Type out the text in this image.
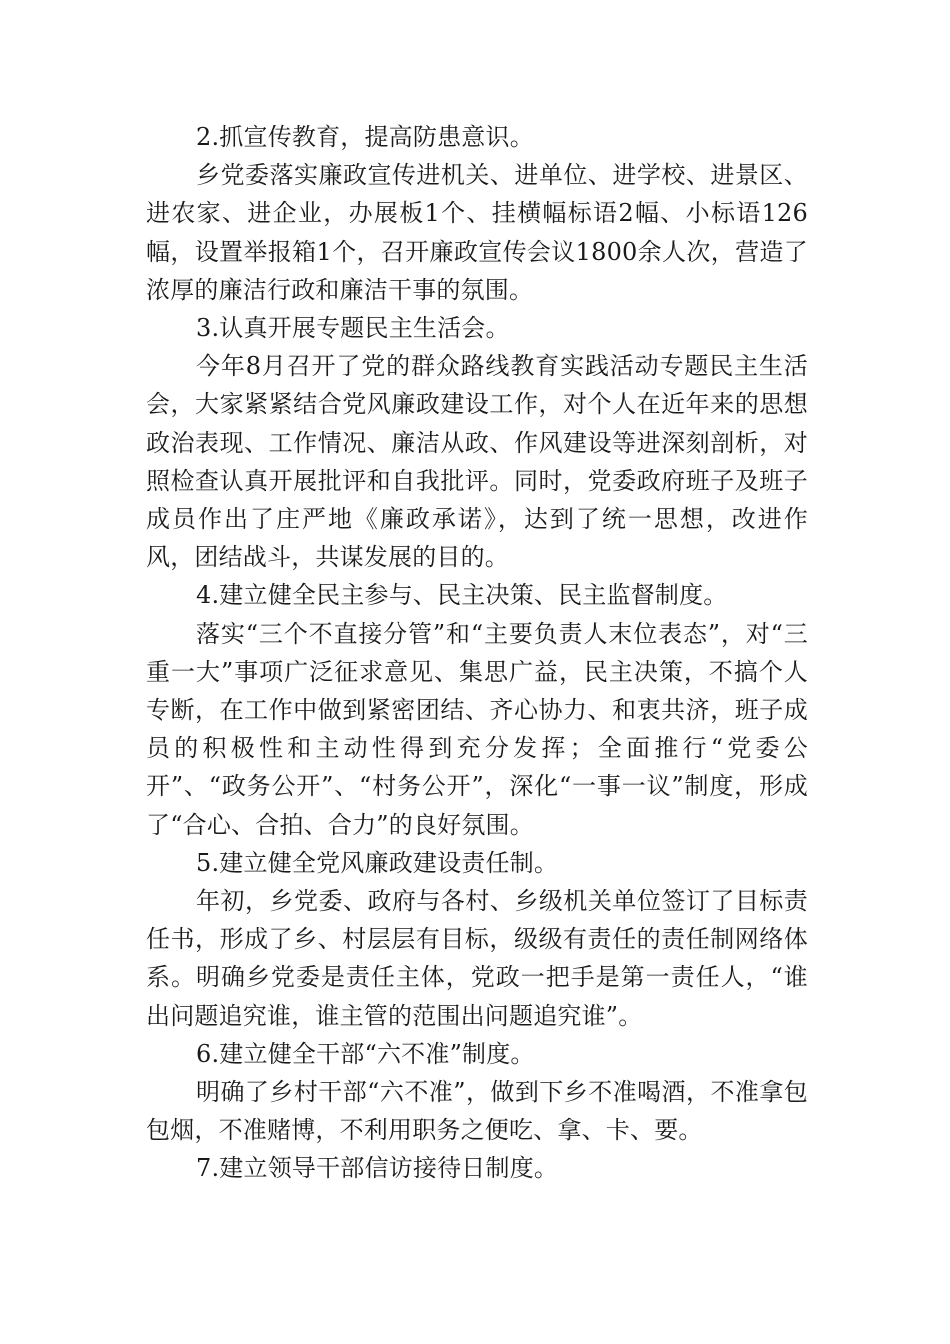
2.抓宣传教育，提高防患意识。

乡党委落实廉政宣传进机关、进单位、进学校、进景区、进农家、进企业，办展板1个、挂横幅标语2幅、小标语126幅，设置举报箱1个，召开廉政宣传会议1800余人次，营造了浓厚的廉洁行政和廉洁干事的氛围。

3.认真开展专题民主生活会。

今年8月召开了党的群众路线教育实践活动专题民主生活会，大家紧紧结合党风廉政建设工作，对个人在近年来的思想政治表现、工作情况、廉洁从政、作风建设等进深刻剖析，对照检查认真开展批评和自我批评。同时，党委政府班子及班子成员作出了庄严地《廉政承诺》，达到了统一思想，改进作风，团结战斗，共谋发展的目的。

4.建立健全民主参与、民主决策、民主监督制度。

落实“三个不直接分管”和“主要负责人末位表态”，对“三重一大”事项广泛征求意见、集思广益，民主决策，不搞个人专断，在工作中做到紧密团结、齐心协力、和衷共济，班子成员的积极性和主动性得到充分发挥；全面推行“党委公开”、“政务公开”、“村务公开”，深化“一事一议”制度，形成了“合心、合拍、合力”的良好氛围。

5.建立健全党风廉政建设责任制。

年初，乡党委、政府与各村、乡级机关单位签订了目标责任书，形成了乡、村层层有目标，级级有责任的责任制网络体系。明确乡党委是责任主体，党政一把手是第一责任人，“谁出问题追究谁，谁主管的范围出问题追究谁”。

6.建立健全干部“六不准”制度。

明确了乡村干部“六不准”，做到下乡不准喝酒，不准拿包包烟，不准赌博，不利用职务之便吃、拿、卡、要。

7.建立领导干部信访接待日制度。
